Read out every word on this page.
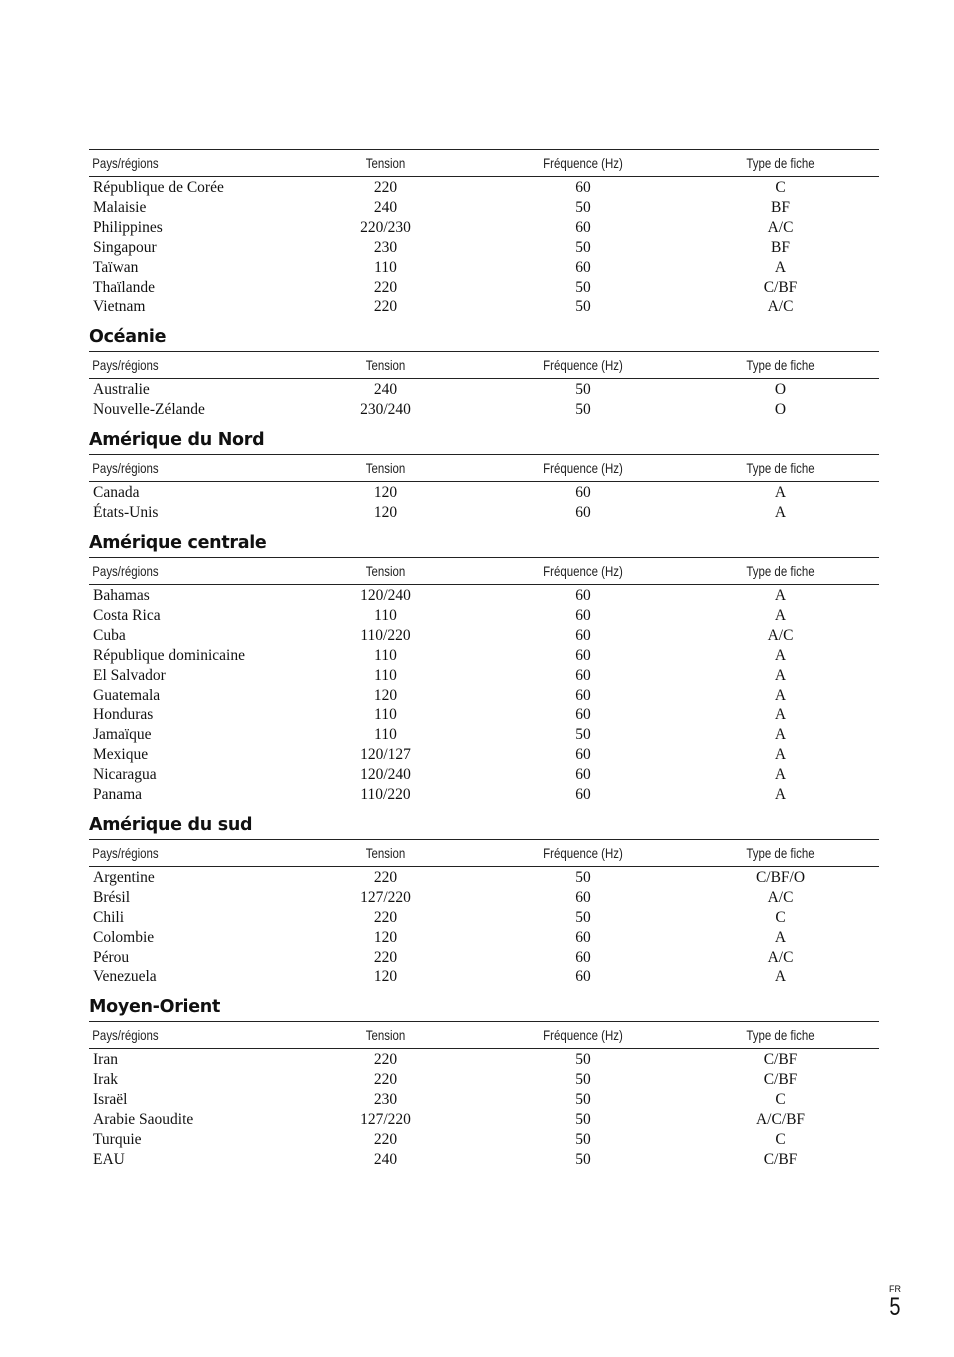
Pays/régions	Tension	Fréquence (Hz)	Type de fiche
République de Corée	220	60	C
Malaisie	240	50	BF
Philippines	220/230	60	A/C
Singapour	230	50	BF
Taïwan	110	60	A
Thaïlande	220	50	C/BF
Vietnam	220	50	A/C
Océanie
Pays/régions	Tension	Fréquence (Hz)	Type de fiche
Australie	240	50	O
Nouvelle-Zélande	230/240	50	O
Amérique du Nord
Pays/régions	Tension	Fréquence (Hz)	Type de fiche
Canada	120	60	A
États-Unis	120	60	A
Amérique centrale
Pays/régions	Tension	Fréquence (Hz)	Type de fiche
Bahamas	120/240	60	A
Costa Rica	110	60	A
Cuba	110/220	60	A/C
République dominicaine	110	60	A
El Salvador	110	60	A
Guatemala	120	60	A
Honduras	110	60	A
Jamaïque	110	50	A
Mexique	120/127	60	A
Nicaragua	120/240	60	A
Panama	110/220	60	A
Amérique du sud
Pays/régions	Tension	Fréquence (Hz)	Type de fiche
Argentine	220	50	C/BF/O
Brésil	127/220	60	A/C
Chili	220	50	C
Colombie	120	60	A
Pérou	220	60	A/C
Venezuela	120	60	A
Moyen-Orient
Pays/régions	Tension	Fréquence (Hz)	Type de fiche
Iran	220	50	C/BF
Irak	220	50	C/BF
Israël	230	50	C
Arabie Saoudite	127/220	50	A/C/BF
Turquie	220	50	C
EAU	240	50	C/BF
FR
5
